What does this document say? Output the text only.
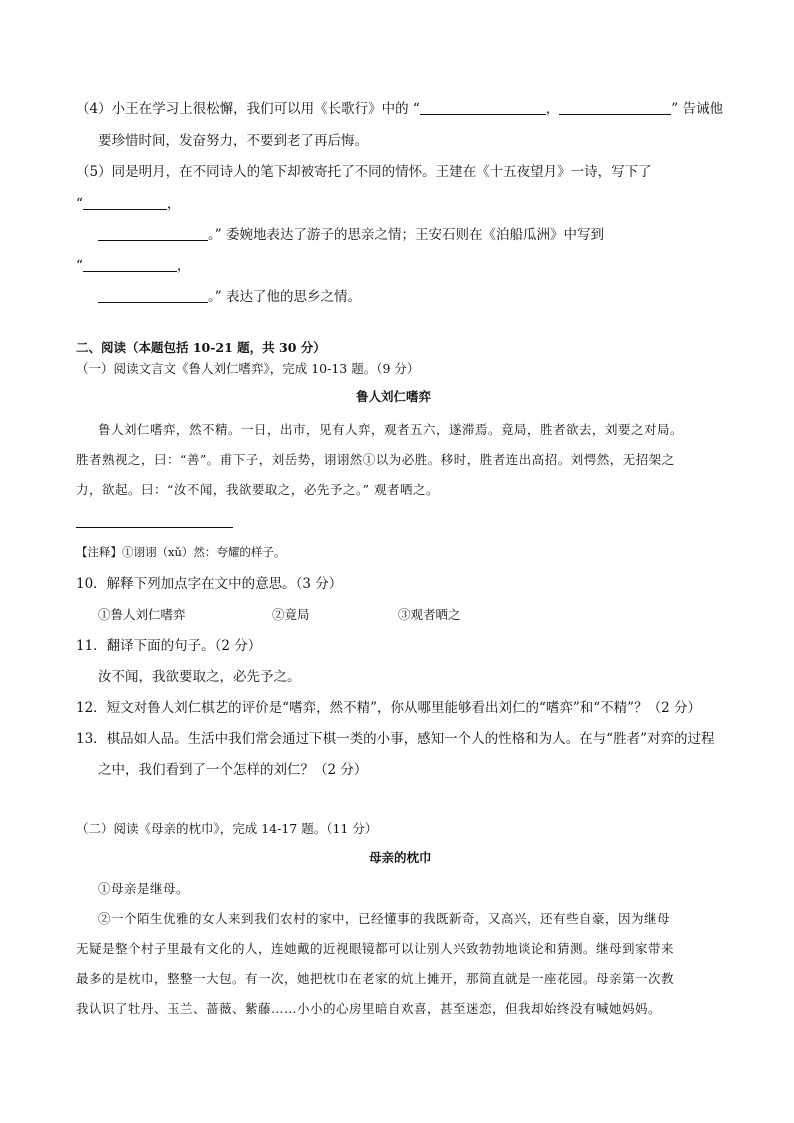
（4）小王在学习上很松懈，我们可以用《长歌行》中的 “	，	” 告诫他
要珍惜时间，发奋努力，不要到老了再后悔。
（5）同是明月，在不同诗人的笔下却被寄托了不同的情怀。王建在《十五夜望月》一诗，写下了
“	，
。” 委婉地表达了游子的思亲之情；王安石则在《泊船瓜洲》中写到
“	，
。” 表达了他的思乡之情。
二、阅读（本题包括 10-21 题，共 30 分）
（一）阅读文言文《鲁人刘仁嗜弈》，完成 10-13 题。（9 分）
鲁人刘仁嗜弈
鲁人刘仁嗜弈，然不精。一日，出市，见有人弈，观者五六，遂滞焉。竟局，胜者欲去，刘要之对局。
胜者熟视之，曰：“善”。甫下子，刘岳势，诩诩然①以为必胜。移时，胜者连出高招。刘愕然，无招架之
力，欲起。曰：“汝不闻，我欲要取之，必先予之。” 观者哂之。
【注释】①诩诩（xǔ）然：夸耀的样子。
10．解释下列加点字在文中的意思。（3 分）
①鲁人刘仁嗜弈	②竟局	③观者哂之
11．翻译下面的句子。（2 分）
汝不闻，我欲要取之，必先予之。
12．短文对鲁人刘仁棋艺的评价是“嗜弈，然不精”，你从哪里能够看出刘仁的“嗜弈”和“不精”？（2 分）
13．棋品如人品。生活中我们常会通过下棋一类的小事，感知一个人的性格和为人。在与“胜者”对弈的过程
之中，我们看到了一个怎样的刘仁？（2 分）
（二）阅读《母亲的枕巾》，完成 14-17 题。（11 分）
母亲的枕巾
①母亲是继母。
②一个陌生优雅的女人来到我们农村的家中，已经懂事的我既新奇，又高兴，还有些自豪，因为继母
无疑是整个村子里最有文化的人，连她戴的近视眼镜都可以让别人兴致勃勃地谈论和猜测。继母到家带来
最多的是枕巾，整整一大包。有一次，她把枕巾在老家的炕上摊开，那简直就是一座花园。母亲第一次教
我认识了牡丹、玉兰、蔷薇、紫藤……小小的心房里暗自欢喜，甚至迷恋，但我却始终没有喊她妈妈。
